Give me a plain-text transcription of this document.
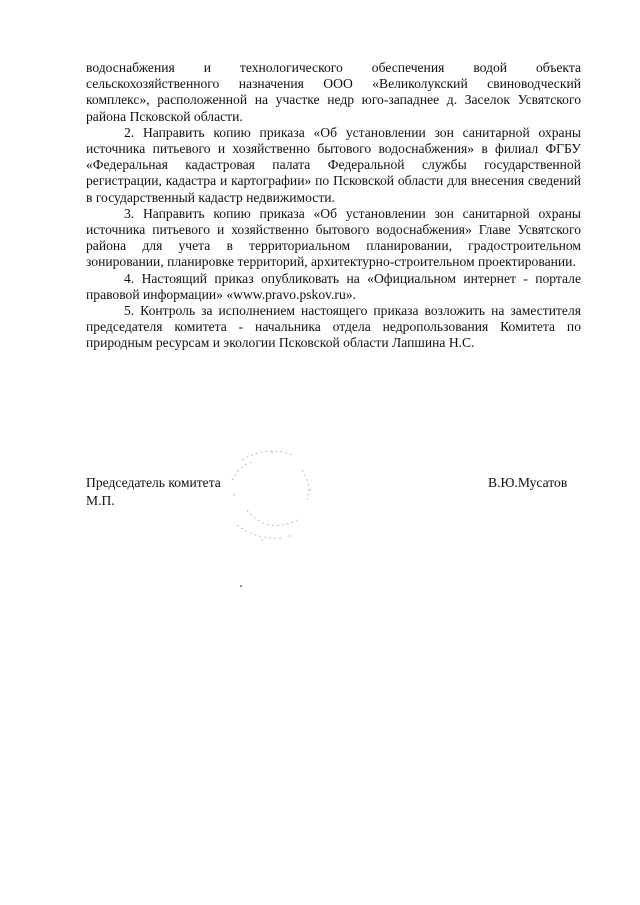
водоснабжения и технологического обеспечения водой объекта сельскохозяйственного назначения ООО «Великолукский свиноводческий комплекс», расположенной на участке недр юго-западнее д. Заселок Усвятского района Псковской области.

2. Направить копию приказа «Об установлении зон санитарной охраны источника питьевого и хозяйственно бытового водоснабжения» в филиал ФГБУ «Федеральная кадастровая палата Федеральной службы государственной регистрации, кадастра и картографии» по Псковской области для внесения сведений в государственный кадастр недвижимости.

3. Направить копию приказа «Об установлении зон санитарной охраны источника питьевого и хозяйственно бытового водоснабжения» Главе Усвятского района для учета в территориальном планировании, градостроительном зонировании, планировке территорий, архитектурно-строительном проектировании.

4. Настоящий приказ опубликовать на «Официальном интернет - портале правовой информации» «www.pravo.pskov.ru».

5. Контроль за исполнением настоящего приказа возложить на заместителя председателя комитета - начальника отдела недропользования Комитета по природным ресурсам и экологии Псковской области Лапшина Н.С.

Председатель комитета
М.П.
В.Ю.Мусатов
